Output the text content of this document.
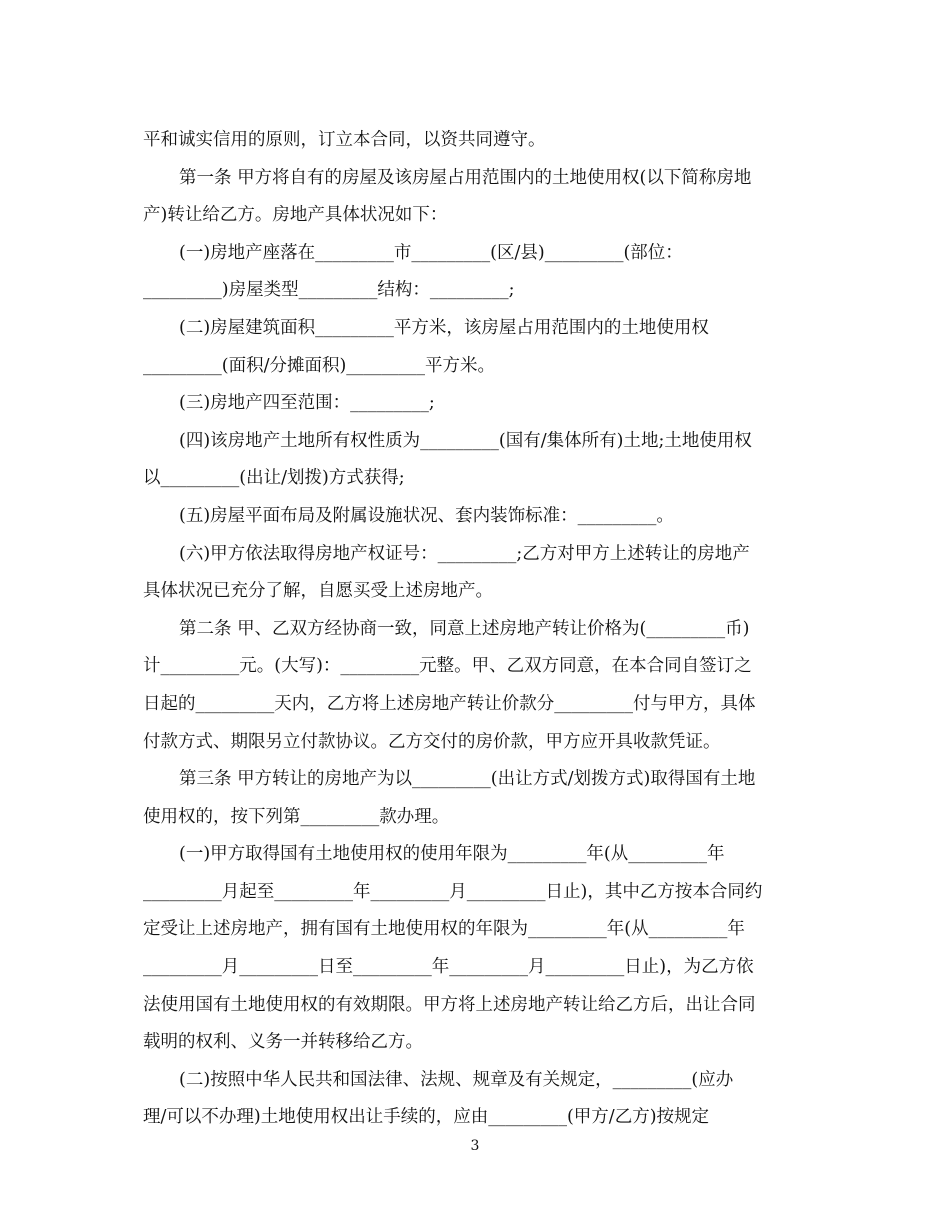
平和诚实信用的原则，订立本合同，以资共同遵守。
第一条 甲方将自有的房屋及该房屋占用范围内的土地使用权(以下简称房地
产)转让给乙方。房地产具体状况如下：
(一)房地产座落在_________市_________(区/县)_________(部位：
_________)房屋类型_________结构：_________;
(二)房屋建筑面积_________平方米，该房屋占用范围内的土地使用权
_________(面积/分摊面积)_________平方米。
(三)房地产四至范围：_________;
(四)该房地产土地所有权性质为_________(国有/集体所有)土地;土地使用权
以_________(出让/划拨)方式获得;
(五)房屋平面布局及附属设施状况、套内装饰标准：_________。
(六)甲方依法取得房地产权证号：_________;乙方对甲方上述转让的房地产
具体状况已充分了解，自愿买受上述房地产。
第二条 甲、乙双方经协商一致，同意上述房地产转让价格为(_________币)
计_________元。(大写)：_________元整。甲、乙双方同意，在本合同自签订之
日起的_________天内，乙方将上述房地产转让价款分_________付与甲方，具体
付款方式、期限另立付款协议。乙方交付的房价款，甲方应开具收款凭证。
第三条 甲方转让的房地产为以_________(出让方式/划拨方式)取得国有土地
使用权的，按下列第_________款办理。
(一)甲方取得国有土地使用权的使用年限为_________年(从_________年
_________月起至_________年_________月_________日止)，其中乙方按本合同约
定受让上述房地产，拥有国有土地使用权的年限为_________年(从_________年
_________月_________日至_________年_________月_________日止)，为乙方依
法使用国有土地使用权的有效期限。甲方将上述房地产转让给乙方后，出让合同
载明的权利、义务一并转移给乙方。
(二)按照中华人民共和国法律、法规、规章及有关规定，_________(应办
理/可以不办理)土地使用权出让手续的，应由_________(甲方/乙方)按规定
3
